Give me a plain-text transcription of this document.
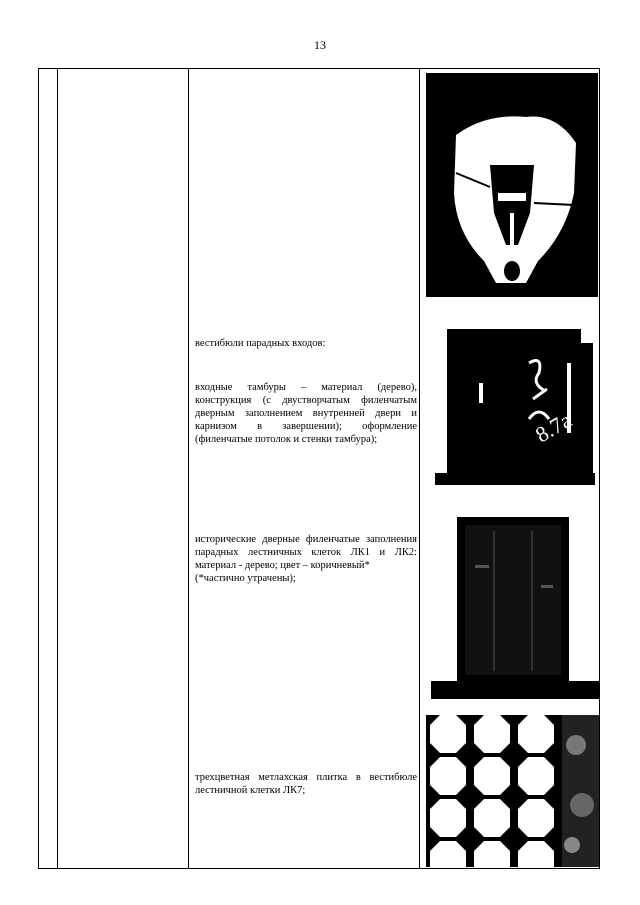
13

вестибюли парадных входов:

входные тамбуры – материал (дерево), конструкция (с двустворчатым филенчатым дверным заполнением внутренней двери и карнизом в завершении); оформление (филенчатые потолок и стенки тамбура);

исторические дверные филенчатые заполнения парадных лестничных клеток ЛК1 и ЛК2: материал - дерево; цвет – коричневый*

(*частично утрачены);

трехцветная метлахская плитка в вестибюле лестничной клетки ЛК7;

8.7a
